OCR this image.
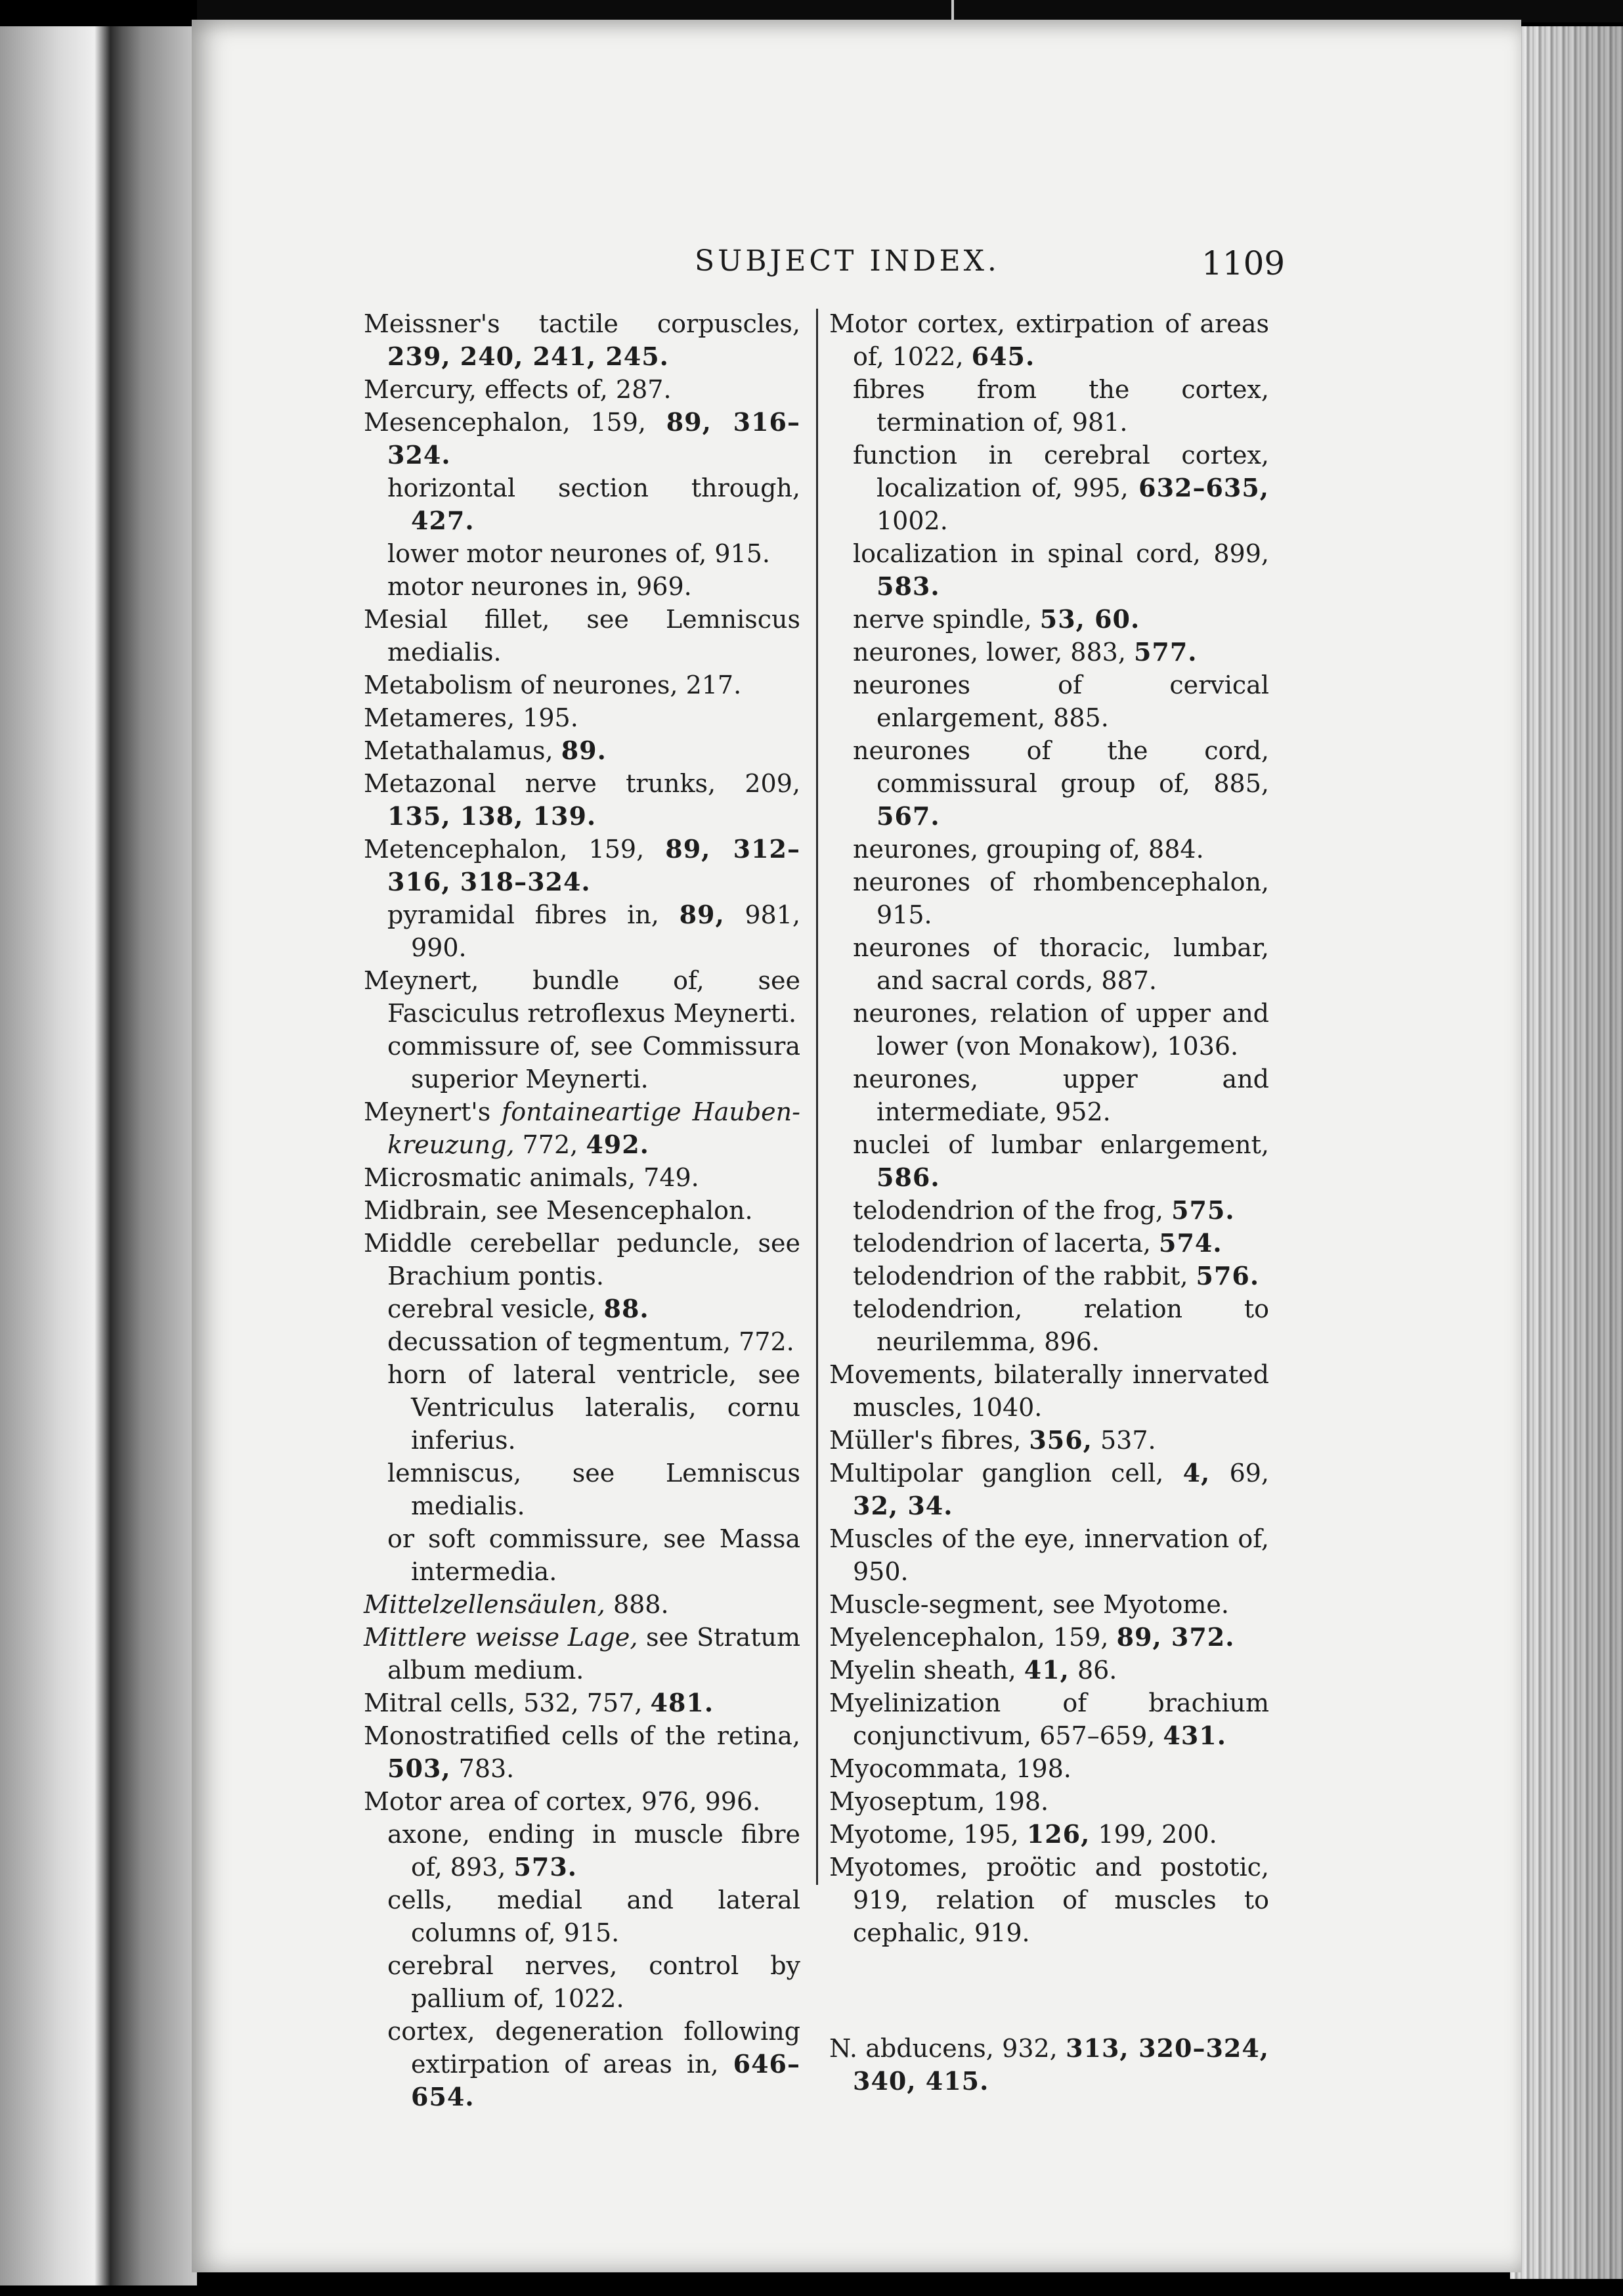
SUBJECT INDEX.	1109

Meissner's tactile corpuscles, 239, 240, 241, 245.

Mercury, effects of, 287.

Mesencephalon, 159, 89, 316–324.

horizontal section through, 427.

lower motor neurones of, 915.

motor neurones in, 969.

Mesial fillet, see Lemniscus medialis.

Metabolism of neurones, 217.

Metameres, 195.

Metathalamus, 89.

Metazonal nerve trunks, 209, 135, 138, 139.

Metencephalon, 159, 89, 312–316, 318–324.

pyramidal fibres in, 89, 981, 990.

Meynert, bundle of, see Fasciculus retroflexus Meynerti.

commissure of, see Commissura superior Meynerti.

Meynert's fontaineartige Hauben-kreuzung, 772, 492.

Microsmatic animals, 749.

Midbrain, see Mesencephalon.

Middle cerebellar peduncle, see Brachium pontis.

cerebral vesicle, 88.

decussation of tegmentum, 772.

horn of lateral ventricle, see Ventriculus lateralis, cornu inferius.

lemniscus, see Lemniscus medialis.

or soft commissure, see Massa intermedia.

Mittelzellensäulen, 888.

Mittlere weisse Lage, see Stratum album medium.

Mitral cells, 532, 757, 481.

Monostratified cells of the retina, 503, 783.

Motor area of cortex, 976, 996.

axone, ending in muscle fibre of, 893, 573.

cells, medial and lateral columns of, 915.

cerebral nerves, control by pallium of, 1022.

cortex, degeneration following extirpation of areas in, 646–654.

Motor cortex, extirpation of areas of, 1022, 645.

fibres from the cortex, termination of, 981.

function in cerebral cortex, localization of, 995, 632–635, 1002.

localization in spinal cord, 899, 583.

nerve spindle, 53, 60.

neurones, lower, 883, 577.

neurones of cervical enlargement, 885.

neurones of the cord, commissural group of, 885, 567.

neurones, grouping of, 884.

neurones of rhombencephalon, 915.

neurones of thoracic, lumbar, and sacral cords, 887.

neurones, relation of upper and lower (von Monakow), 1036.

neurones, upper and intermediate, 952.

nuclei of lumbar enlargement, 586.

telodendrion of the frog, 575.

telodendrion of lacerta, 574.

telodendrion of the rabbit, 576.

telodendrion, relation to neurilemma, 896.

Movements, bilaterally innervated muscles, 1040.

Müller's fibres, 356, 537.

Multipolar ganglion cell, 4, 69, 32, 34.

Muscles of the eye, innervation of, 950.

Muscle-segment, see Myotome.

Myelencephalon, 159, 89, 372.

Myelin sheath, 41, 86.

Myelinization of brachium conjunctivum, 657–659, 431.

Myocommata, 198.

Myoseptum, 198.

Myotome, 195, 126, 199, 200.

Myotomes, proötic and postotic, 919, relation of muscles to cephalic, 919.

N. abducens, 932, 313, 320–324, 340, 415.
